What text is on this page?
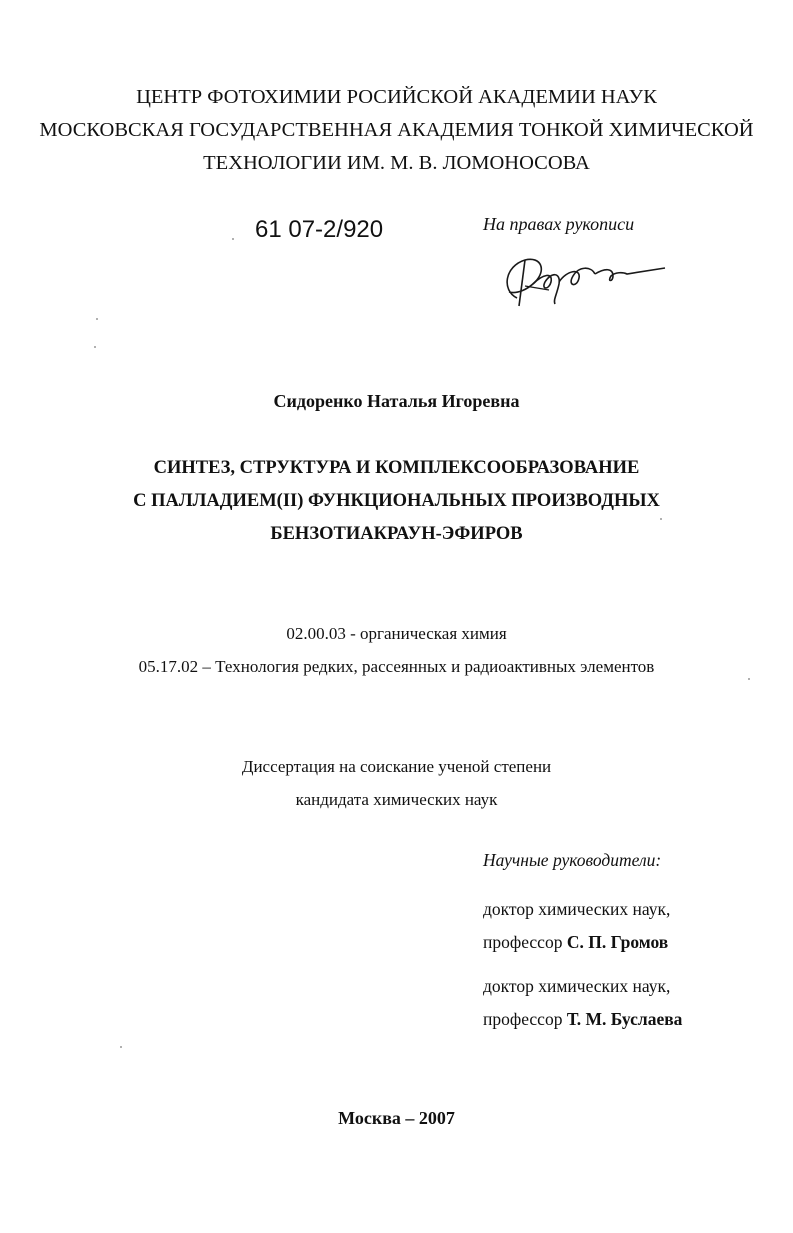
ЦЕНТР ФОТОХИМИИ РОСИЙСКОЙ АКАДЕМИИ НАУК
МОСКОВСКАЯ ГОСУДАРСТВЕННАЯ АКАДЕМИЯ ТОНКОЙ ХИМИЧЕСКОЙ
ТЕХНОЛОГИИ ИМ. М. В. ЛОМОНОСОВА
61 07-2/920	На правах рукописи
Сидоренко Наталья Игоревна
СИНТЕЗ, СТРУКТУРА И КОМПЛЕКСООБРАЗОВАНИЕ
С ПАЛЛАДИЕМ(II) ФУНКЦИОНАЛЬНЫХ ПРОИЗВОДНЫХ
БЕНЗОТИАКРАУН-ЭФИРОВ
02.00.03 - органическая химия
05.17.02 – Технология редких, рассеянных и радиоактивных элементов
Диссертация на соискание ученой степени
кандидата химических наук
Научные руководители:
доктор химических наук,
профессор С. П. Громов
доктор химических наук,
профессор Т. М. Буслаева
Москва – 2007
